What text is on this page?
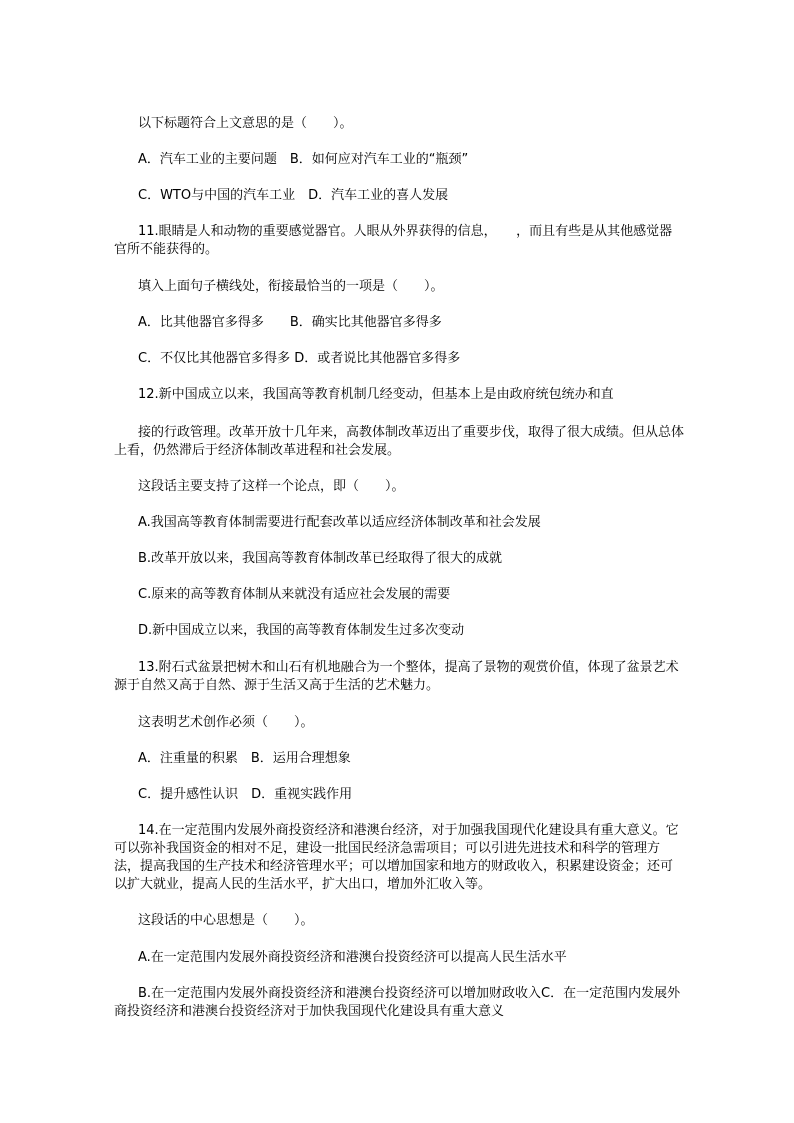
以下标题符合上文意思的是（　　）。

A．汽车工业的主要问题　B．如何应对汽车工业的“瓶颈”

C．WTO与中国的汽车工业　D．汽车工业的喜人发展

11.眼睛是人和动物的重要感觉器官。人眼从外界获得的信息，　　，而且有些是从其他感觉器官所不能获得的。

填入上面句子横线处，衔接最恰当的一项是（　　）。

A．比其他器官多得多　　B．确实比其他器官多得多

C．不仅比其他器官多得多 D．或者说比其他器官多得多

12.新中国成立以来，我国高等教育机制几经变动，但基本上是由政府统包统办和直

接的行政管理。改革开放十几年来，高教体制改革迈出了重要步伐，取得了很大成绩。但从总体上看，仍然滞后于经济体制改革进程和社会发展。

这段话主要支持了这样一个论点，即（　　）。

A.我国高等教育体制需要进行配套改革以适应经济体制改革和社会发展

B.改革开放以来，我国高等教育体制改革已经取得了很大的成就

C.原来的高等教育体制从来就没有适应社会发展的需要

D.新中国成立以来，我国的高等教育体制发生过多次变动

13.附石式盆景把树木和山石有机地融合为一个整体，提高了景物的观赏价值，体现了盆景艺术源于自然又高于自然、源于生活又高于生活的艺术魅力。

这表明艺术创作必须（　　）。

A．注重量的积累　B．运用合理想象

C．提升感性认识　D．重视实践作用

14.在一定范围内发展外商投资经济和港澳台经济，对于加强我国现代化建设具有重大意义。它可以弥补我国资金的相对不足，建设一批国民经济急需项目；可以引进先进技术和科学的管理方法，提高我国的生产技术和经济管理水平；可以增加国家和地方的财政收入，积累建设资金；还可以扩大就业，提高人民的生活水平，扩大出口，增加外汇收入等。

这段话的中心思想是（　　）。

A.在一定范围内发展外商投资经济和港澳台投资经济可以提高人民生活水平

B.在一定范围内发展外商投资经济和港澳台投资经济可以增加财政收入C．在一定范围内发展外商投资经济和港澳台投资经济对于加快我国现代化建设具有重大意义
